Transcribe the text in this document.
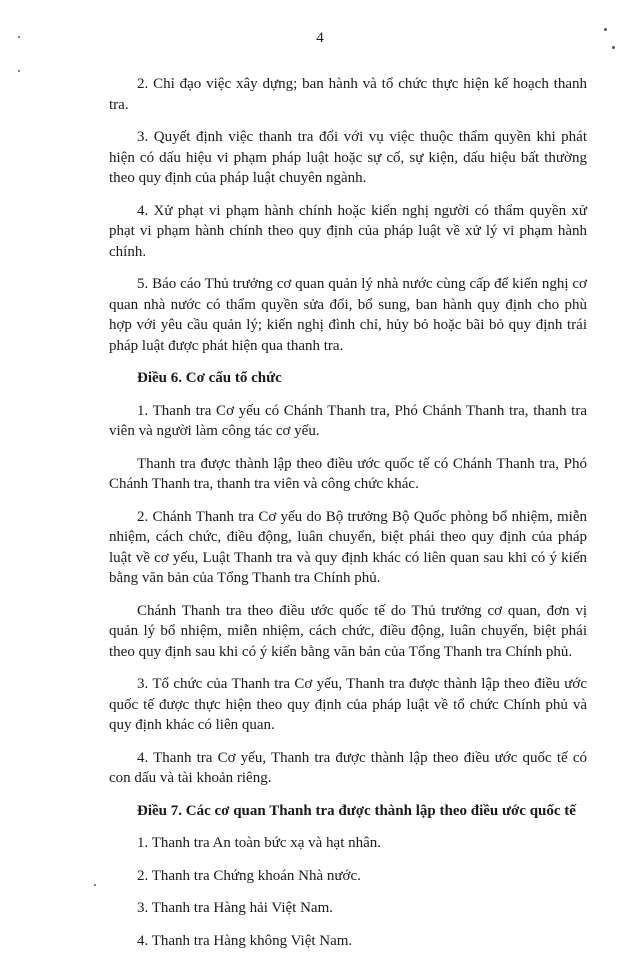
4

2. Chỉ đạo việc xây dựng; ban hành và tổ chức thực hiện kế hoạch thanh tra.

3. Quyết định việc thanh tra đối với vụ việc thuộc thẩm quyền khi phát hiện có dấu hiệu vi phạm pháp luật hoặc sự cố, sự kiện, dấu hiệu bất thường theo quy định của pháp luật chuyên ngành.

4. Xử phạt vi phạm hành chính hoặc kiến nghị người có thẩm quyền xử phạt vi phạm hành chính theo quy định của pháp luật về xử lý vi phạm hành chính.

5. Báo cáo Thủ trưởng cơ quan quản lý nhà nước cùng cấp để kiến nghị cơ quan nhà nước có thẩm quyền sửa đổi, bổ sung, ban hành quy định cho phù hợp với yêu cầu quản lý; kiến nghị đình chỉ, hủy bỏ hoặc bãi bỏ quy định trái pháp luật được phát hiện qua thanh tra.

Điều 6. Cơ cấu tổ chức

1. Thanh tra Cơ yếu có Chánh Thanh tra, Phó Chánh Thanh tra, thanh tra viên và người làm công tác cơ yếu.

Thanh tra được thành lập theo điều ước quốc tế có Chánh Thanh tra, Phó Chánh Thanh tra, thanh tra viên và công chức khác.

2. Chánh Thanh tra Cơ yếu do Bộ trưởng Bộ Quốc phòng bổ nhiệm, miễn nhiệm, cách chức, điều động, luân chuyển, biệt phái theo quy định của pháp luật về cơ yếu, Luật Thanh tra và quy định khác có liên quan sau khi có ý kiến bằng văn bản của Tổng Thanh tra Chính phủ.

Chánh Thanh tra theo điều ước quốc tế do Thủ trưởng cơ quan, đơn vị quản lý bổ nhiệm, miễn nhiệm, cách chức, điều động, luân chuyển, biệt phái theo quy định sau khi có ý kiến bằng văn bản của Tổng Thanh tra Chính phủ.

3. Tổ chức của Thanh tra Cơ yếu, Thanh tra được thành lập theo điều ước quốc tế được thực hiện theo quy định của pháp luật về tổ chức Chính phủ và quy định khác có liên quan.

4. Thanh tra Cơ yếu, Thanh tra được thành lập theo điều ước quốc tế có con dấu và tài khoản riêng.

Điều 7. Các cơ quan Thanh tra được thành lập theo điều ước quốc tế

1. Thanh tra An toàn bức xạ và hạt nhân.

2. Thanh tra Chứng khoán Nhà nước.

3. Thanh tra Hàng hải Việt Nam.

4. Thanh tra Hàng không Việt Nam.
